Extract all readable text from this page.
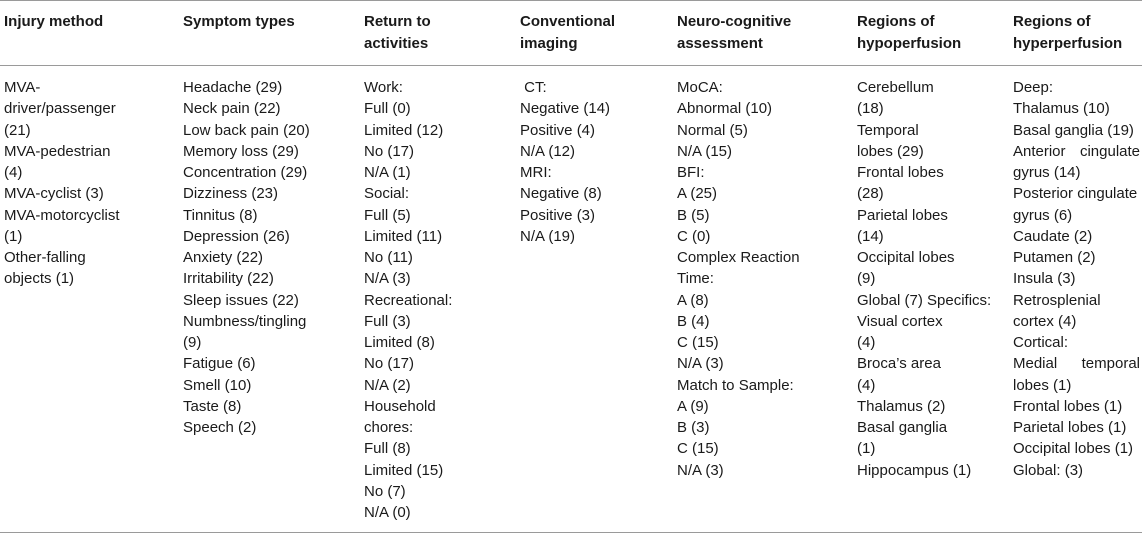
Injury method
MVA-
driver/passenger
(21)
MVA-pedestrian
(4)
MVA-cyclist (3)
MVA-motorcyclist
(1)
Other-falling
objects (1)
Symptom types
Headache (29)
Neck pain (22)
Low back pain (20)
Memory loss (29)
Concentration (29)
Dizziness (23)
Tinnitus (8)
Depression (26)
Anxiety (22)
Irritability (22)
Sleep issues (22)
Numbness/tingling
(9)
Fatigue (6)
Smell (10)
Taste (8)
Speech (2)
Return to
activities
Work:
Full (0)
Limited (12)
No (17)
N/A (1)
Social:
Full (5)
Limited (11)
No (11)
N/A (3)
Recreational:
Full (3)
Limited (8)
No (17)
N/A (2)
Household
chores:
Full (8)
Limited (15)
No (7)
N/A (0)
Conventional
imaging
CT:
Negative (14)
Positive (4)
N/A (12)
MRI:
Negative (8)
Positive (3)
N/A (19)
Neuro-cognitive
assessment
MoCA:
Abnormal (10)
Normal (5)
N/A (15)
BFI:
A (25)
B (5)
C (0)
Complex Reaction
Time:
A (8)
B (4)
C (15)
N/A (3)
Match to Sample:
A (9)
B (3)
C (15)
N/A (3)
Regions of
hypoperfusion
Cerebellum
(18)
Temporal
lobes (29)
Frontal lobes
(28)
Parietal lobes
(14)
Occipital lobes
(9)
Global (7) Specifics:
Visual cortex
(4)
Broca’s area
(4)
Thalamus (2)
Basal ganglia
(1)
Hippocampus (1)
Regions of
hyperperfusion
Deep:
Thalamus (10)
Basal ganglia (19)
Anterior cingulate
gyrus (14)
Posterior cingulate
gyrus (6)
Caudate (2)
Putamen (2)
Insula (3)
Retrosplenial
cortex (4)
Cortical:
Medial temporal
lobes (1)
Frontal lobes (1)
Parietal lobes (1)
Occipital lobes (1)
Global: (3)
